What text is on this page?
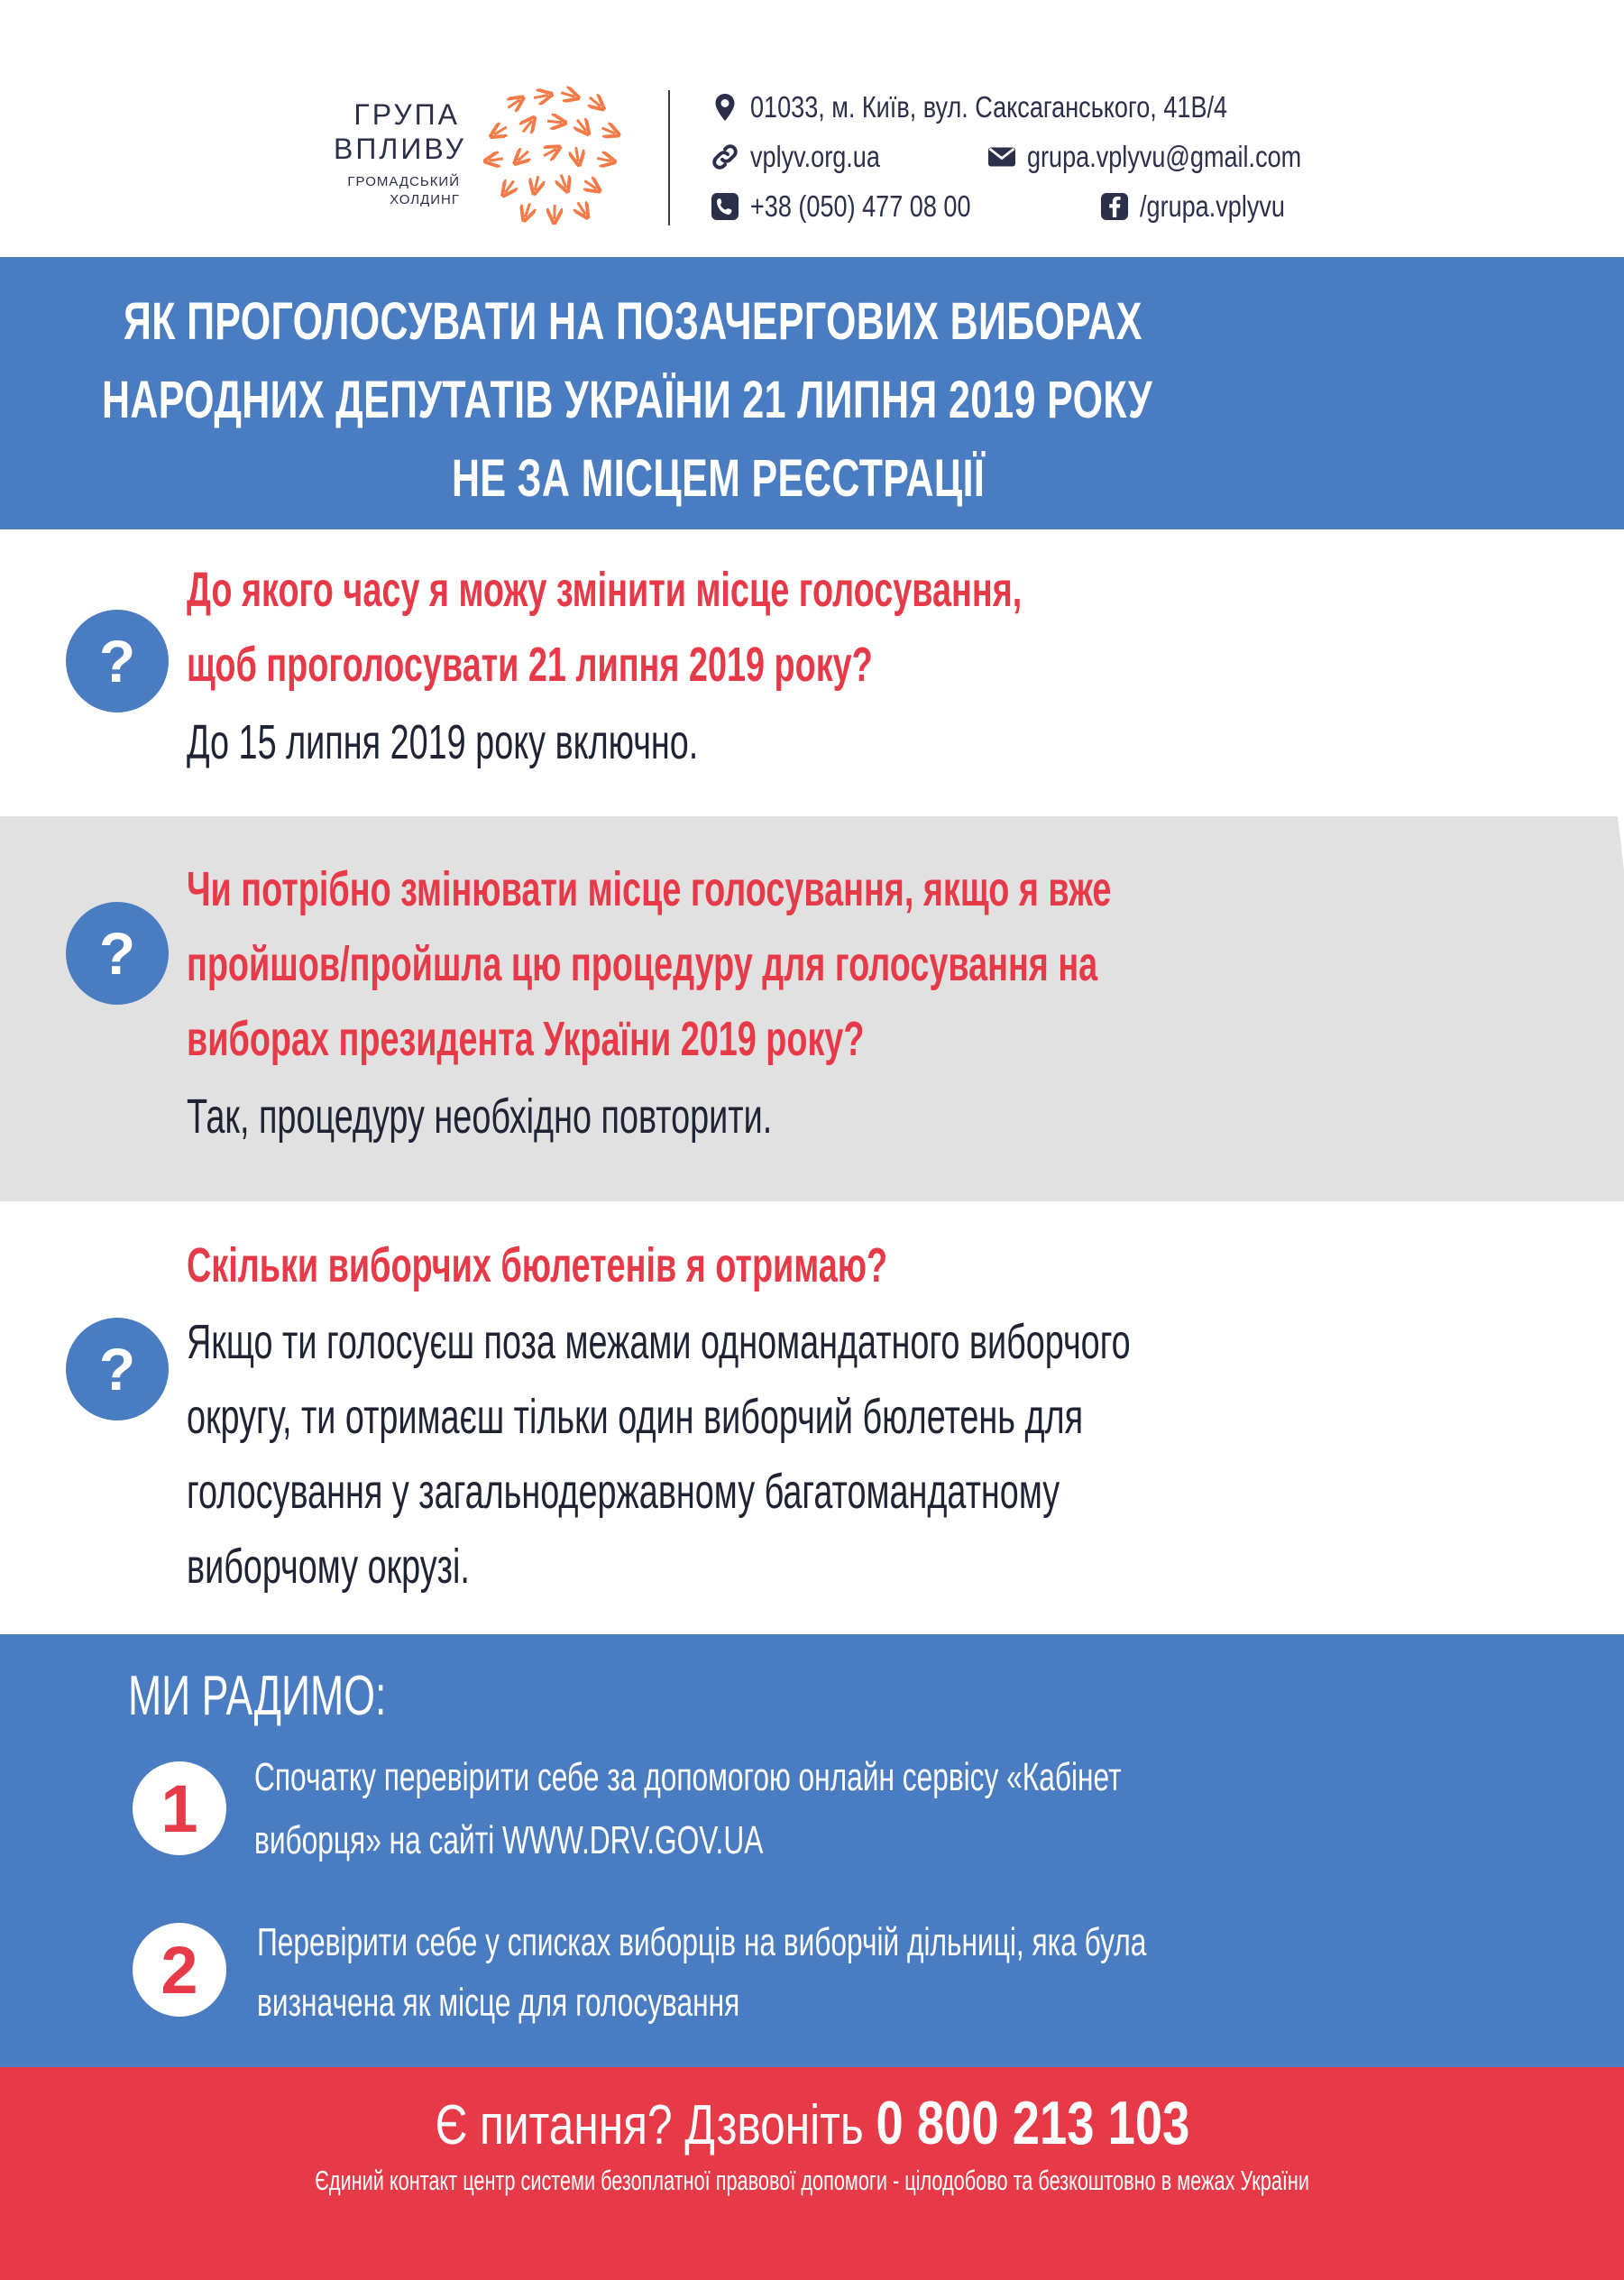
ГРУПА
ВПЛИВУ
ГРОМАДСЬКИЙ
ХОЛДИНГ
01033, м. Київ, вул. Саксаганського, 41В/4
vplyv.org.ua	grupa.vplyvu@gmail.com
+38 (050) 477 08 00	/grupa.vplyvu
ЯК ПРОГОЛОСУВАТИ НА ПОЗАЧЕРГОВИХ ВИБОРАХ
НАРОДНИХ ДЕПУТАТІВ УКРАЇНИ 21 ЛИПНЯ 2019 РОКУ
НЕ ЗА МІСЦЕМ РЕЄСТРАЦІЇ
?
До якого часу я можу змінити місце голосування,
щоб проголосувати 21 липня 2019 року?
До 15 липня 2019 року включно.
?
Чи потрібно змінювати місце голосування, якщо я вже
пройшов/пройшла цю процедуру для голосування на
виборах президента України 2019 року?
Так, процедуру необхідно повторити.
?
Скільки виборчих бюлетенів я отримаю?
Якщо ти голосуєш поза межами одномандатного виборчого
округу, ти отримаєш тільки один виборчий бюлетень для
голосування у загальнодержавному багатомандатному
виборчому окрузі.
МИ РАДИМО:
1	Спочатку перевірити себе за допомогою онлайн сервісу «Кабінет
виборця» на сайті WWW.DRV.GOV.UA
2	Перевірити себе у списках виборців на виборчій дільниці, яка була
визначена як місце для голосування
Є питання? Дзвоніть 0 800 213 103
Єдиний контакт центр системи безоплатної правової допомоги - цілодобово та безкоштовно в межах України
